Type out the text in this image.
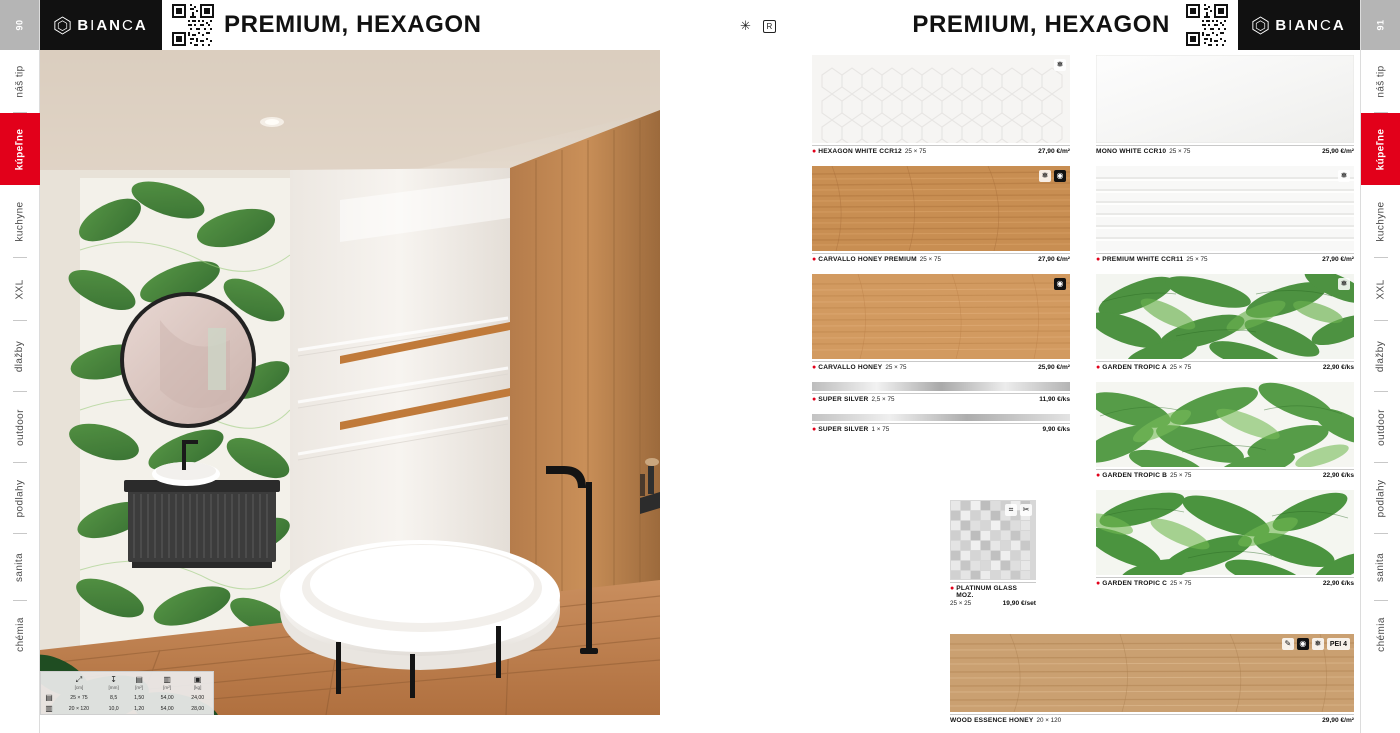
90
náš tip
kúpeľne
kuchyne
XXL
dlažby
outdoor
podlahy
sanita
chémia
BIANCA	PREMIUM, HEXAGON
	⤢	↧	▤	▥	▣
	[cm]	[mm]	[m²]	[m²]	[kg]
▤	25 × 75	8,5	1,50	54,00	24,00
▥	20 × 120	10,0	1,20	54,00	28,00
✳	R	PREMIUM, HEXAGON	BIANCA	91
náš tip
kúpeľne
kuchyne
XXL
dlažby
outdoor
podlahy
sanita
chémia
❅
● HEXAGON WHITE CCR12 25 × 75	27,90 €/m²
❅	◉
● CARVALLO HONEY PREMIUM 25 × 75	27,90 €/m²
◉
● CARVALLO HONEY 25 × 75	25,90 €/m²
● SUPER SILVER 2,5 × 75	11,90 €/ks
● SUPER SILVER 1 × 75	9,90 €/ks
⌗	✂
● PLATINUM GLASS MOZ.
25 × 25	19,90 €/set
MONO WHITE CCR10 25 × 75	25,90 €/m²
❅
● PREMIUM WHITE CCR11 25 × 75	27,90 €/m²
❅
● GARDEN TROPIC A 25 × 75	22,90 €/ks
● GARDEN TROPIC B 25 × 75	22,90 €/ks
● GARDEN TROPIC C 25 × 75	22,90 €/ks
✎	◉	❅	PEI 4
WOOD ESSENCE HONEY 20 × 120	29,90 €/m²
